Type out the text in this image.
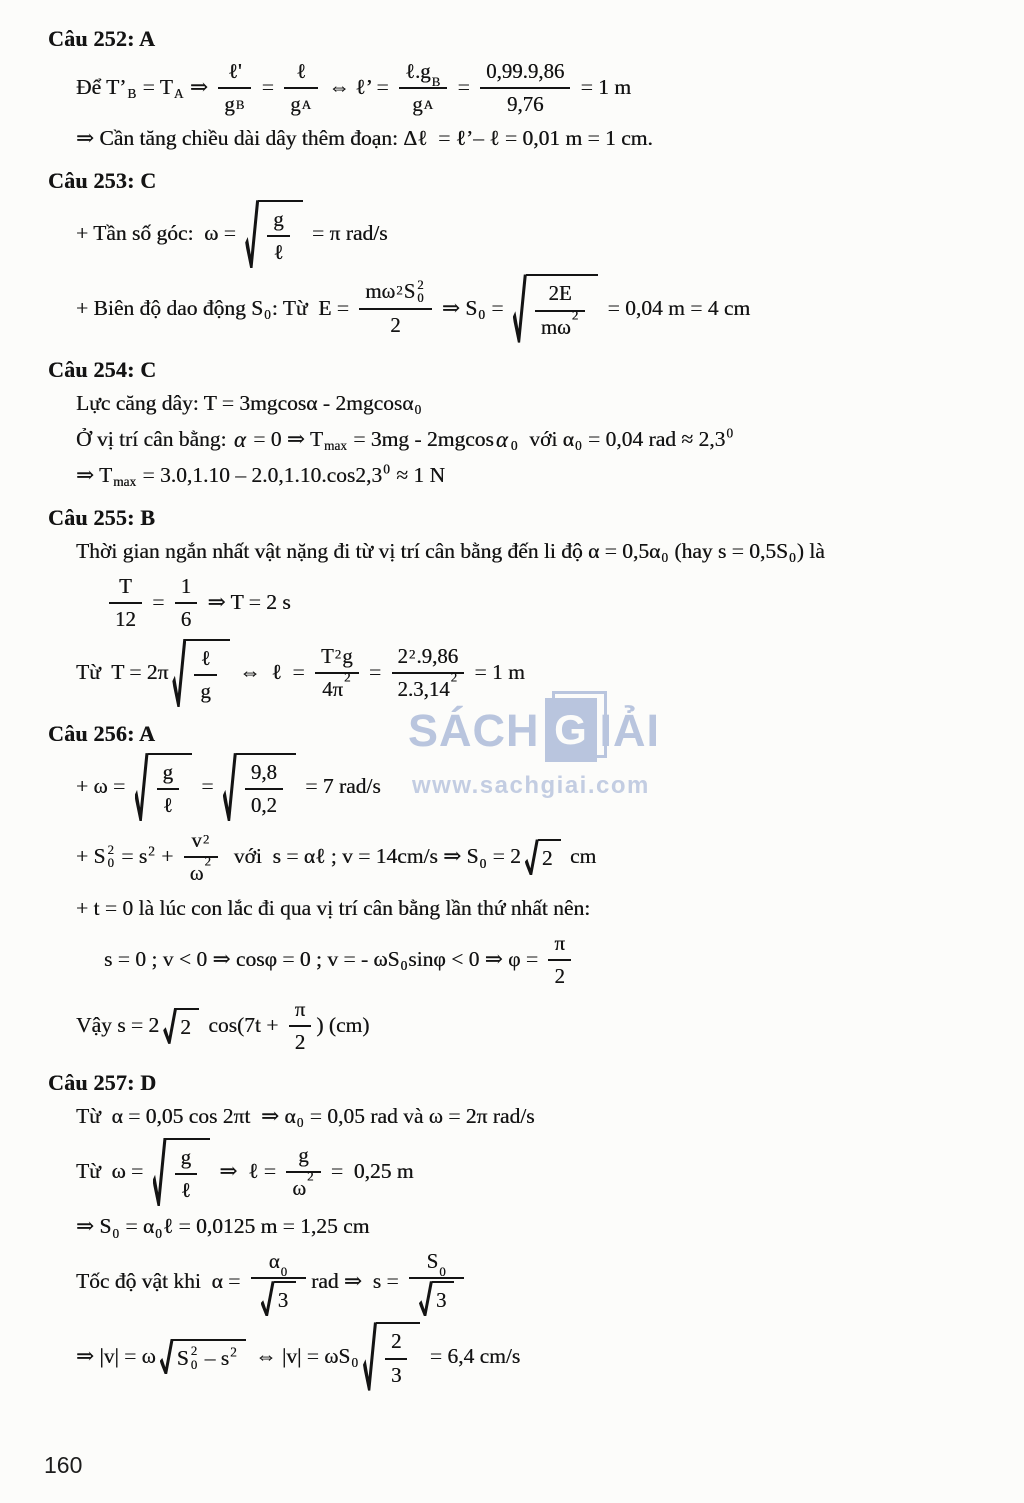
SÁCH G IẢI
www.sachgiai.com
Câu 252: A
Để T’ B = T A ⇒ $\frac{\text{ℓ'}}{\text{g B}} = \frac{\text{ℓ}}{\text{g A}}$ ⇔ ℓ’ = $\frac{\text{ℓ.g B}}{\text{g A}} = \frac{0,99.9,86}{9,76} = 1$ m
⇒ Cần tăng chiều dài dây thêm đoạn: Δℓ  = ℓ’– ℓ = 0,01 m = 1 cm.
Câu 253: C
+ Tần số góc:  $\omega = \frac{g}{\text{ℓ}} = \pi$ rad/s
+ Biên độ dao động S 0 : Từ  E = mω 2 S 2
0
2 ⇒ S $0 = \frac{2E}{m\omega 2} = 0,04$ m = 4 cm
Câu 254: C
Lực căng dây: T = 3mgcosα - 2mgcosα 0
Ở vị trí cân bằng: α = 0 ⇒ T max = 3mg - 2mgcos α 0 với α 0 = 0,04 rad ≈ 2,3 0
⇒ T max = 3.0,1.10 – 2.0,1.10.cos2,3 0 ≈ 1 N
Câu 255: B
Thời gian ngắn nhất vật nặng đi từ vị trí cân bằng đến li độ α = 0,5α 0 (hay s = 0,5S 0 ) là
$\frac{T}{12} = \frac{1}{6}$ ⇒ T = 2 s
Từ  $T = 2\pi \frac{\text{ℓ}}{g}$ ⇔  ℓ  = $\frac{T 2 g}{4\pi 2} = \frac{2 2 .9,86}{2.3,14 2} = 1$ m
Câu 256: A
+ $\omega = \frac{g}{\text{ℓ}} = \frac{9,8}{0,2} = 7$ rad/s
+ S 2
0 = s $2 + \frac{v 2}{\omega 2}$ với  s = αℓ ; v = 14cm/s ⇒ S 0 = 2 2 cm
+ t = 0 là lúc con lắc đi qua vị trí cân bằng lần thứ nhất nên:
s = 0 ; v < 0 ⇒ cosφ = 0 ; v = - ωS 0 sinφ < 0 ⇒ $\varphi = \frac{\pi}{2}$
Vậy s = 2 2 $\cos(7t + \frac{\pi}{2}$ ) (cm)
Câu 257: D
Từ  α = 0,05 cos 2πt  ⇒ α 0 = 0,05 rad và ω = 2π rad/s
Từ  $\omega = \frac{g}{\text{ℓ}}$ ⇒  ℓ = $\frac{g}{\omega 2} = 0,25$ m
⇒ S 0 = α 0 ℓ = 0,0125 m = 1,25 cm
Tốc độ vật khi  $\alpha = \frac{\alpha 0}{3}$ rad ⇒  $s = \frac{S 0}{3}$
⇒ |v| = ω S 2
0 – s 2 ⇔ |v| = ωS $0 \frac{2}{3} = 6,4$ cm/s
160
